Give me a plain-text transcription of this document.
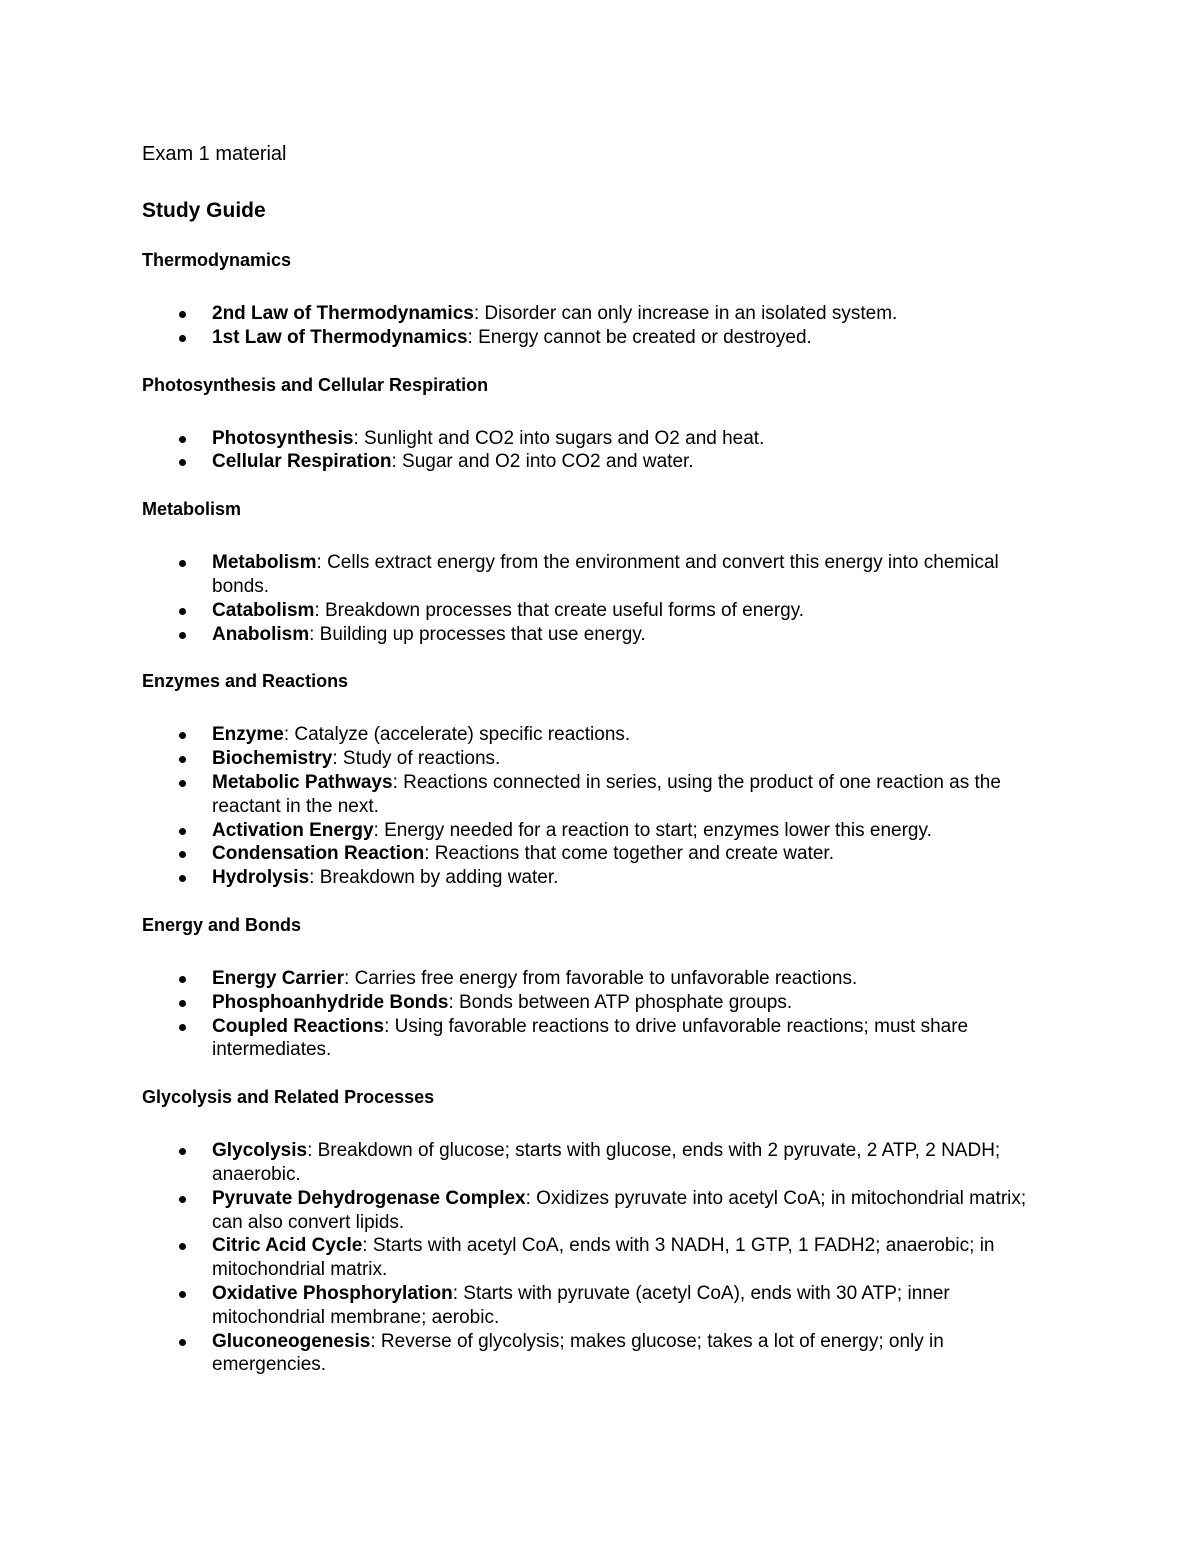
Exam 1 material
Study Guide
Thermodynamics
2nd Law of Thermodynamics: Disorder can only increase in an isolated system.
1st Law of Thermodynamics: Energy cannot be created or destroyed.
Photosynthesis and Cellular Respiration
Photosynthesis: Sunlight and CO2 into sugars and O2 and heat.
Cellular Respiration: Sugar and O2 into CO2 and water.
Metabolism
Metabolism: Cells extract energy from the environment and convert this energy into chemical bonds.
Catabolism: Breakdown processes that create useful forms of energy.
Anabolism: Building up processes that use energy.
Enzymes and Reactions
Enzyme: Catalyze (accelerate) specific reactions.
Biochemistry: Study of reactions.
Metabolic Pathways: Reactions connected in series, using the product of one reaction as the reactant in the next.
Activation Energy: Energy needed for a reaction to start; enzymes lower this energy.
Condensation Reaction: Reactions that come together and create water.
Hydrolysis: Breakdown by adding water.
Energy and Bonds
Energy Carrier: Carries free energy from favorable to unfavorable reactions.
Phosphoanhydride Bonds: Bonds between ATP phosphate groups.
Coupled Reactions: Using favorable reactions to drive unfavorable reactions; must share intermediates.
Glycolysis and Related Processes
Glycolysis: Breakdown of glucose; starts with glucose, ends with 2 pyruvate, 2 ATP, 2 NADH; anaerobic.
Pyruvate Dehydrogenase Complex: Oxidizes pyruvate into acetyl CoA; in mitochondrial matrix; can also convert lipids.
Citric Acid Cycle: Starts with acetyl CoA, ends with 3 NADH, 1 GTP, 1 FADH2; anaerobic; in mitochondrial matrix.
Oxidative Phosphorylation: Starts with pyruvate (acetyl CoA), ends with 30 ATP; inner mitochondrial membrane; aerobic.
Gluconeogenesis: Reverse of glycolysis; makes glucose; takes a lot of energy; only in emergencies.
